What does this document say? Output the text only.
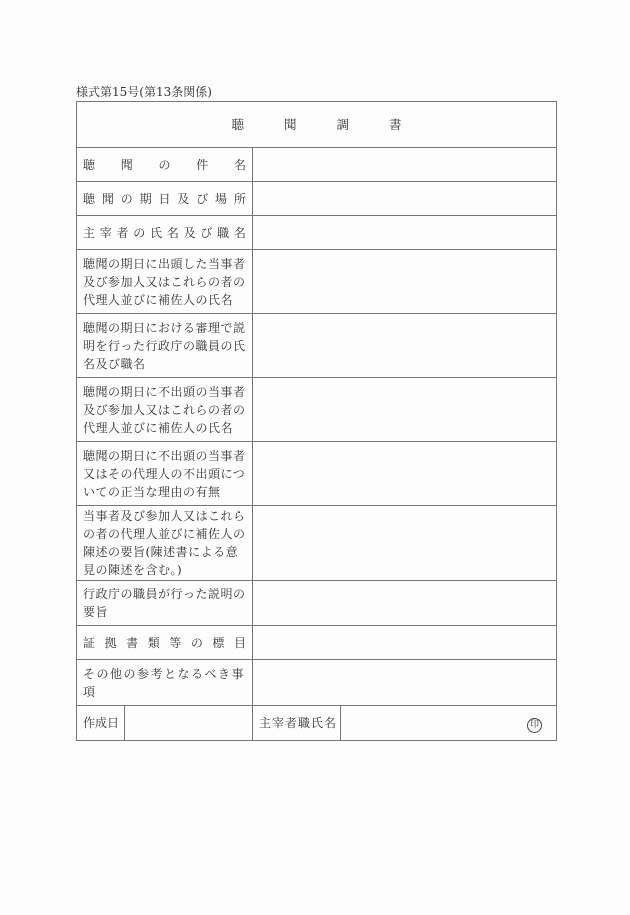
様式第15号(第13条関係)
聴 聞 調 書			

聴 聞 の 件 名			

聴 聞 の 期 日 及 び 場 所

主 宰 者 の 氏 名 及 び 職 名

聴聞の期日に出頭した当事者及び参加人又はこれらの者の代理人並びに補佐人の氏名			
聴聞の期日における審理で説明を行った行政庁の職員の氏名及び職名			
聴聞の期日に不出頭の当事者及び参加人又はこれらの者の代理人並びに補佐人の氏名			
聴聞の期日に不出頭の当事者又はその代理人の不出頭についての正当な理由の有無			
当事者及び参加人又はこれらの者の代理人並びに補佐人の陳述の要旨(陳述書による意見の陳述を含む。)			
行政庁の職員が行った説明の要旨			

証 拠 書 類 等 の 標 目

その他の参考となるべき事項			
作成日		主宰者職氏名	印
